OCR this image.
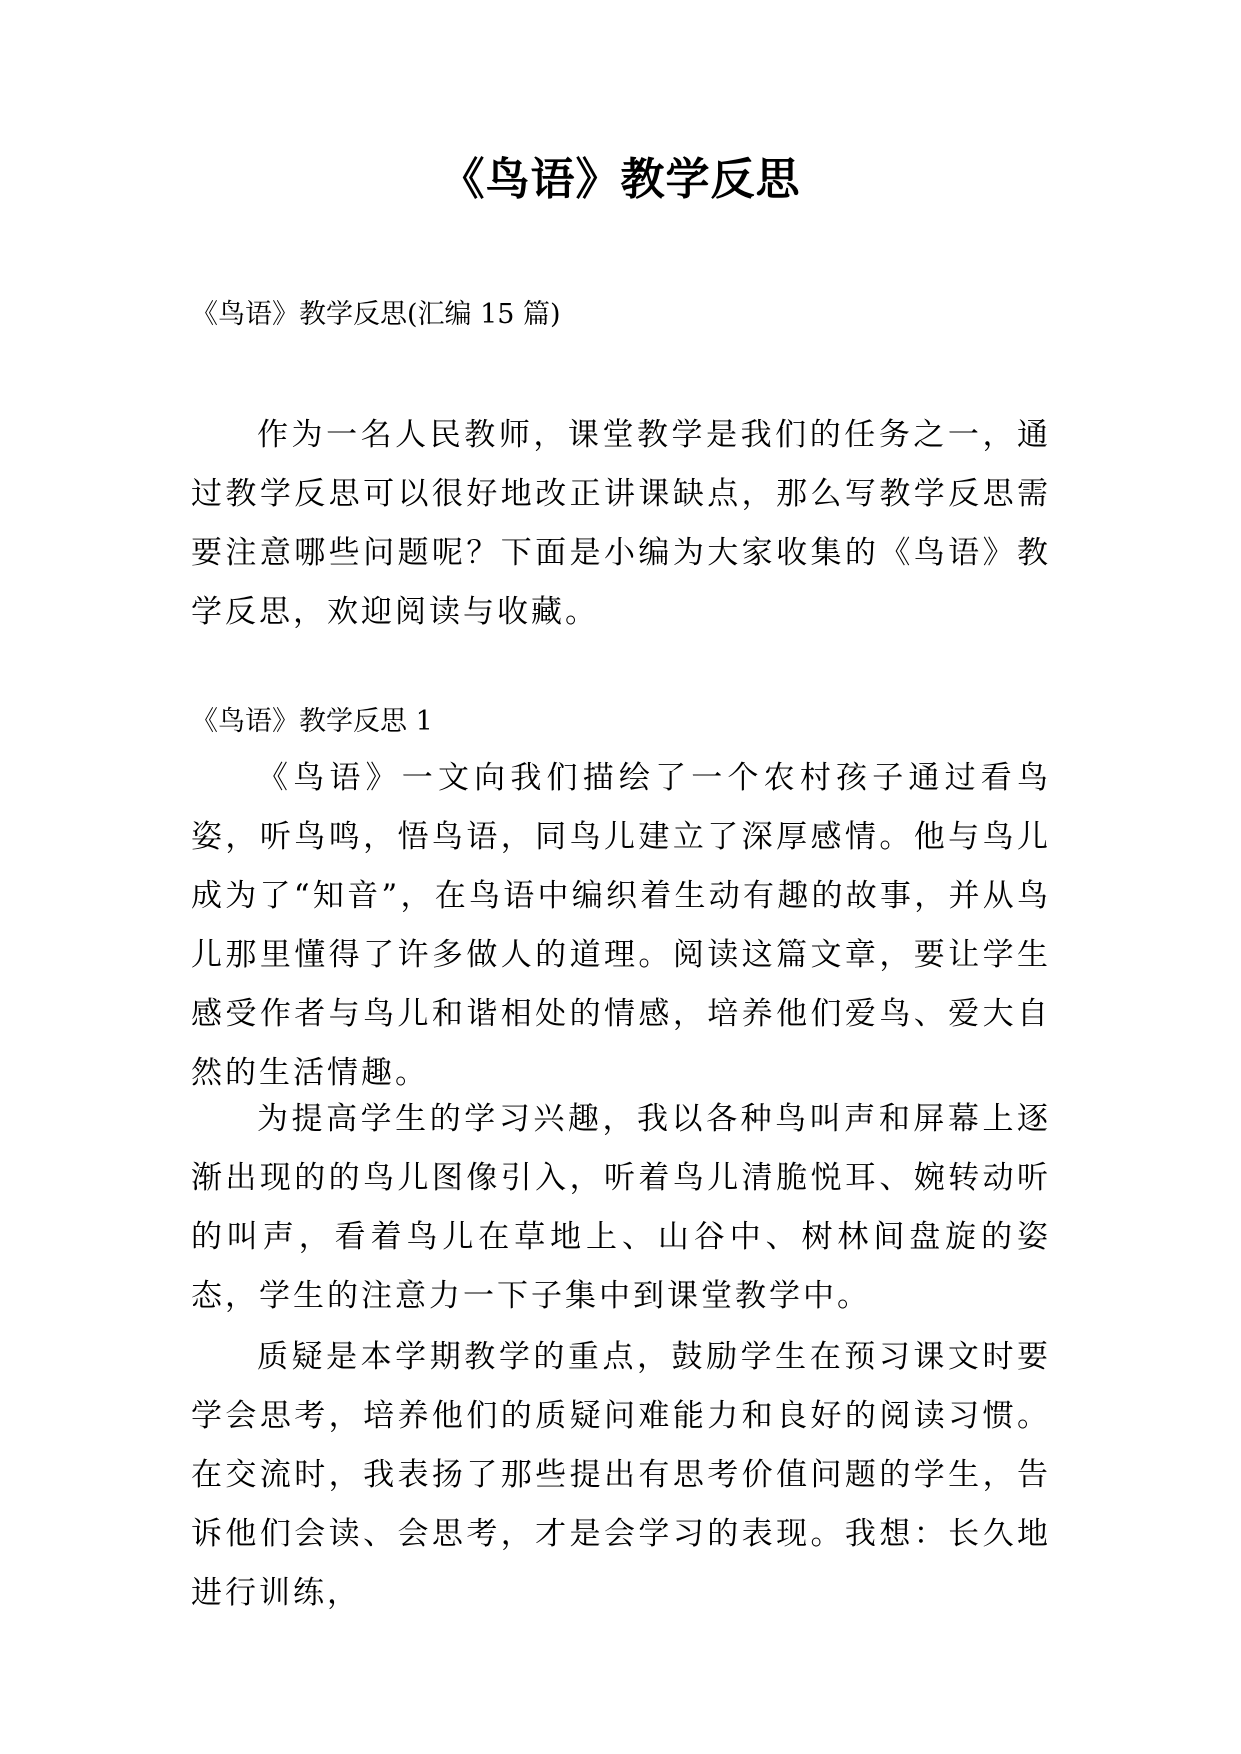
《鸟语》教学反思

《鸟语》教学反思(汇编 15 篇)

作为一名人民教师，课堂教学是我们的任务之一，通过教学反思可以很好地改正讲课缺点，那么写教学反思需要注意哪些问题呢？下面是小编为大家收集的《鸟语》教学反思，欢迎阅读与收藏。

《鸟语》教学反思 1

《鸟语》一文向我们描绘了一个农村孩子通过看鸟姿，听鸟鸣，悟鸟语，同鸟儿建立了深厚感情。他与鸟儿成为了“知音”，在鸟语中编织着生动有趣的故事，并从鸟儿那里懂得了许多做人的道理。阅读这篇文章，要让学生感受作者与鸟儿和谐相处的情感，培养他们爱鸟、爱大自然的生活情趣。

为提高学生的学习兴趣，我以各种鸟叫声和屏幕上逐渐出现的的鸟儿图像引入，听着鸟儿清脆悦耳、婉转动听的叫声，看着鸟儿在草地上、山谷中、树林间盘旋的姿态，学生的注意力一下子集中到课堂教学中。

质疑是本学期教学的重点，鼓励学生在预习课文时要学会思考，培养他们的质疑问难能力和良好的阅读习惯。在交流时，我表扬了那些提出有思考价值问题的学生，告诉他们会读、会思考，才是会学习的表现。我想：长久地进行训练，
